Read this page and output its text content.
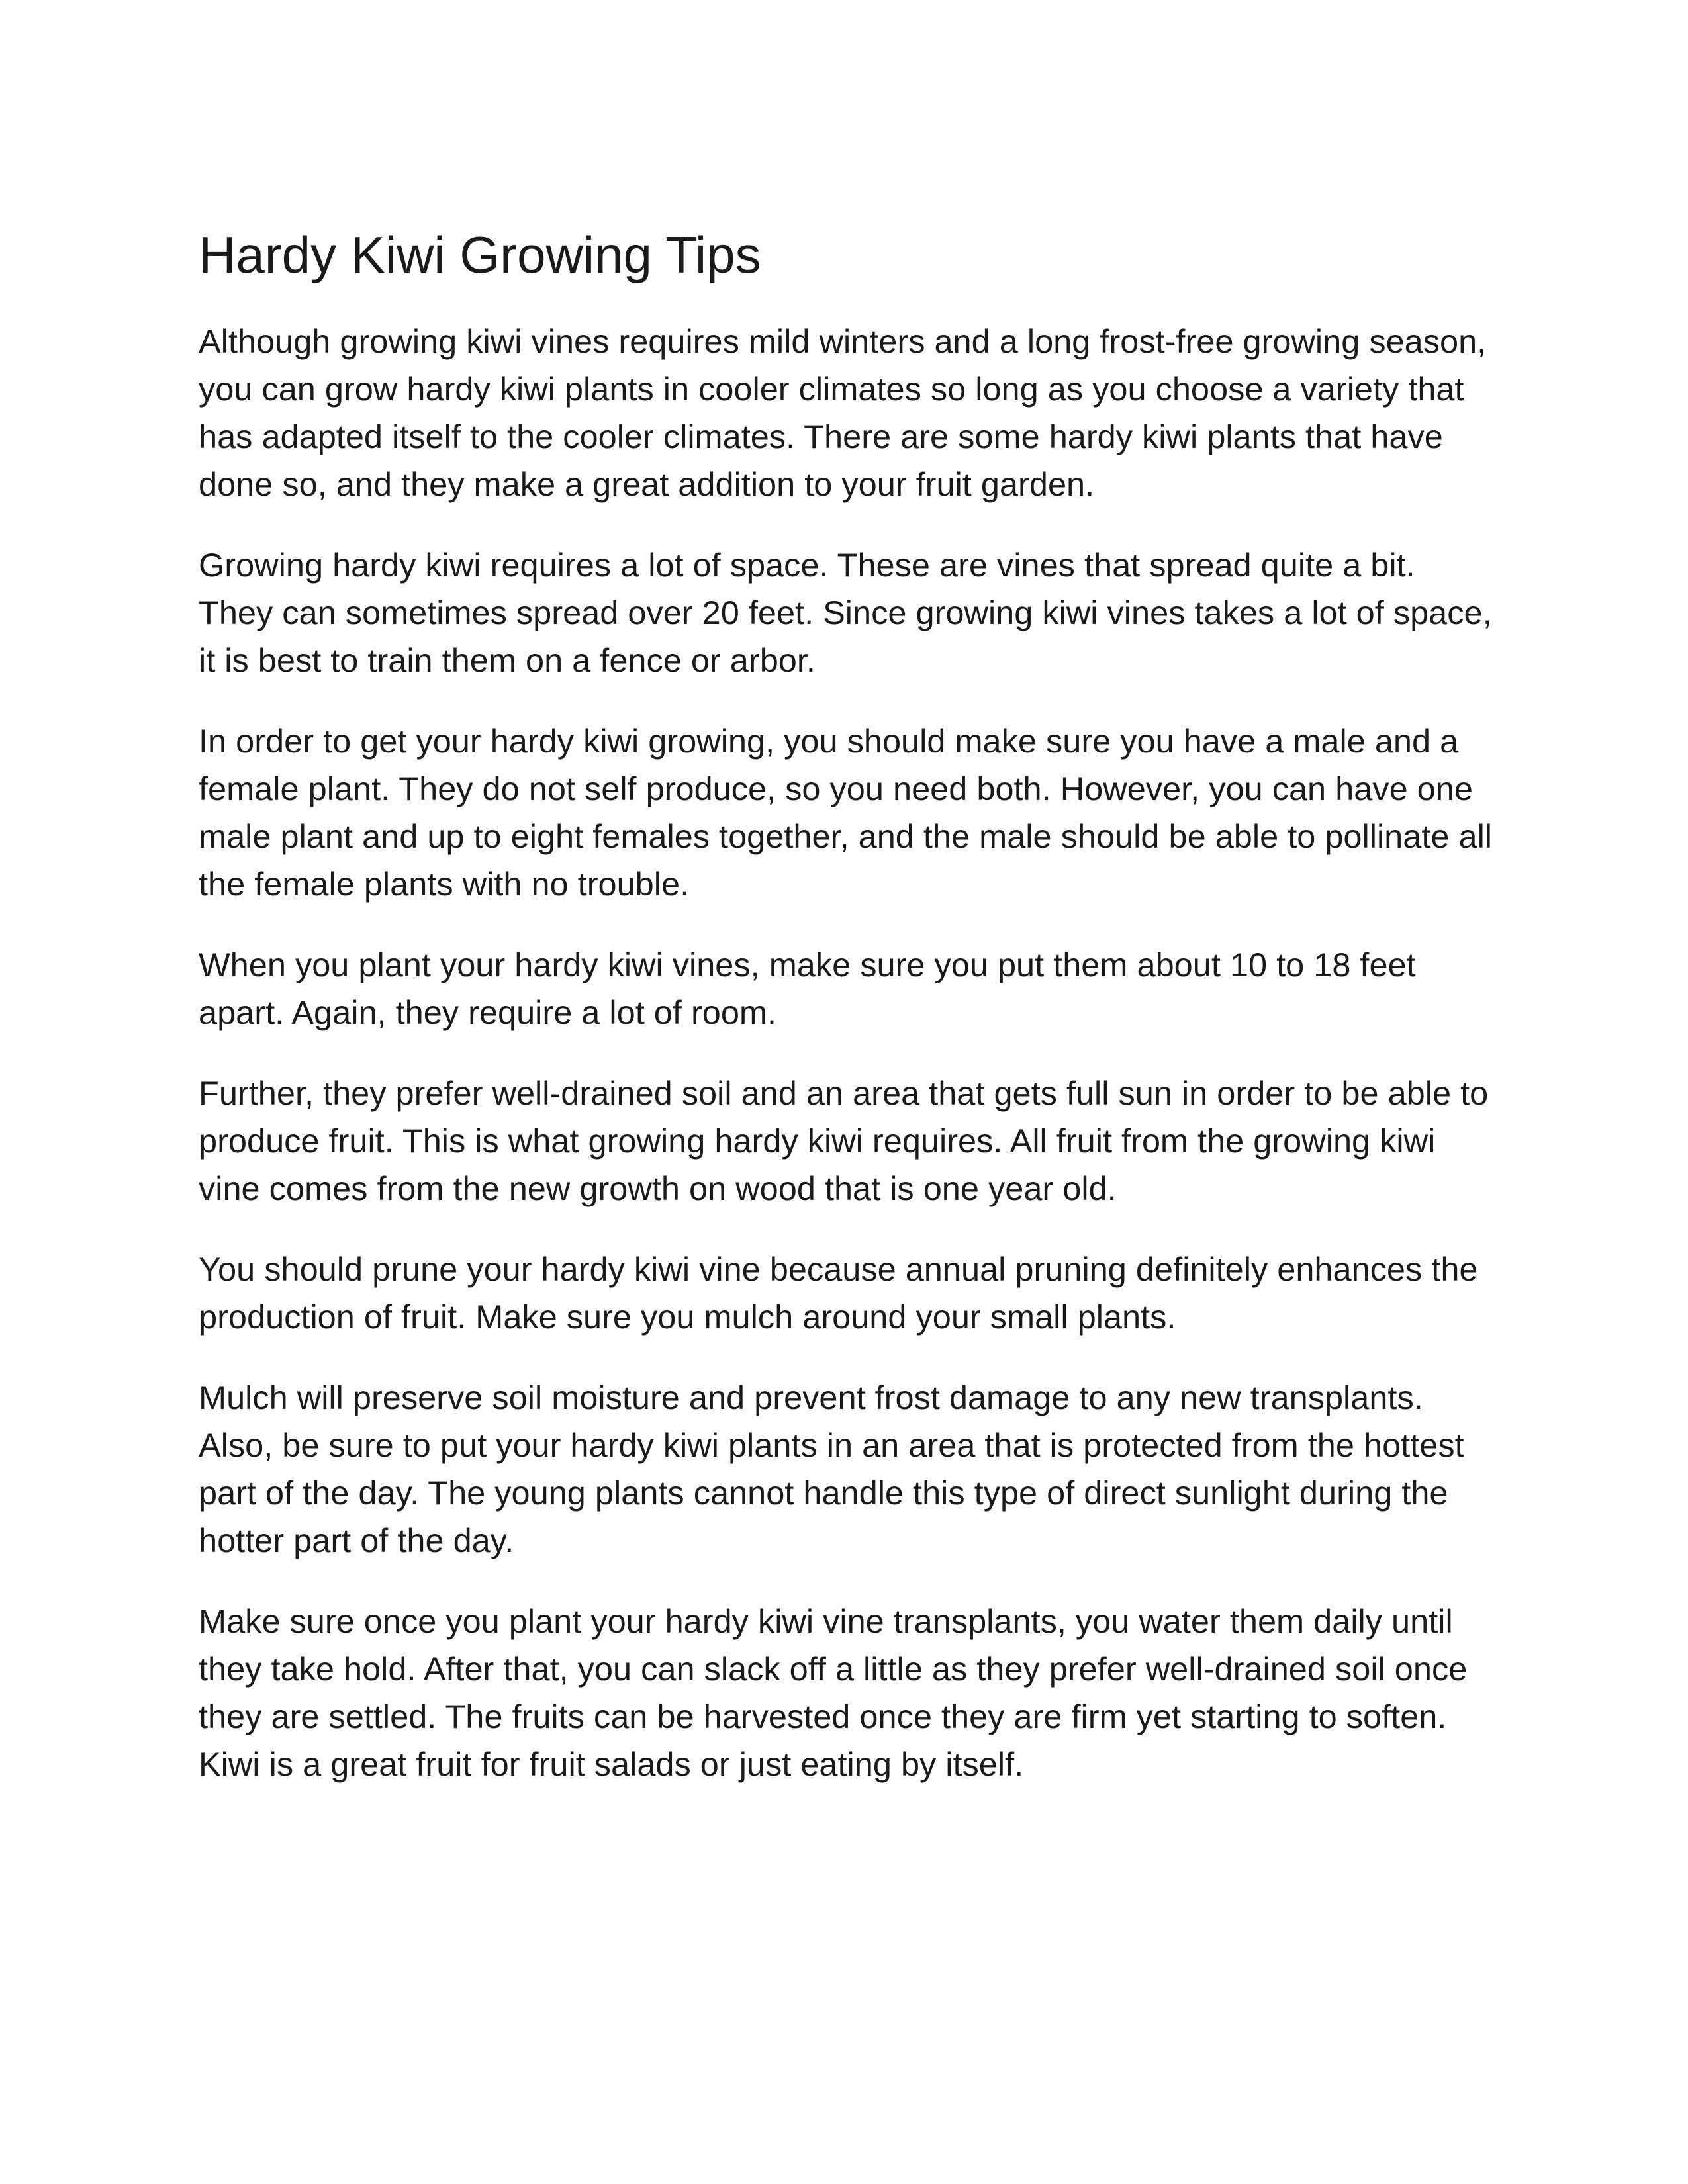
Hardy Kiwi Growing Tips

Although growing kiwi vines requires mild winters and a long frost-free growing season, you can grow hardy kiwi plants in cooler climates so long as you choose a variety that has adapted itself to the cooler climates. There are some hardy kiwi plants that have done so, and they make a great addition to your fruit garden.

Growing hardy kiwi requires a lot of space. These are vines that spread quite a bit. They can sometimes spread over 20 feet. Since growing kiwi vines takes a lot of space, it is best to train them on a fence or arbor.

In order to get your hardy kiwi growing, you should make sure you have a male and a female plant. They do not self produce, so you need both. However, you can have one male plant and up to eight females together, and the male should be able to pollinate all the female plants with no trouble.

When you plant your hardy kiwi vines, make sure you put them about 10 to 18 feet apart. Again, they require a lot of room.

Further, they prefer well-drained soil and an area that gets full sun in order to be able to produce fruit. This is what growing hardy kiwi requires. All fruit from the growing kiwi vine comes from the new growth on wood that is one year old.

You should prune your hardy kiwi vine because annual pruning definitely enhances the production of fruit. Make sure you mulch around your small plants.

Mulch will preserve soil moisture and prevent frost damage to any new transplants. Also, be sure to put your hardy kiwi plants in an area that is protected from the hottest part of the day. The young plants cannot handle this type of direct sunlight during the hotter part of the day.

Make sure once you plant your hardy kiwi vine transplants, you water them daily until they take hold. After that, you can slack off a little as they prefer well-drained soil once they are settled. The fruits can be harvested once they are firm yet starting to soften. Kiwi is a great fruit for fruit salads or just eating by itself.
